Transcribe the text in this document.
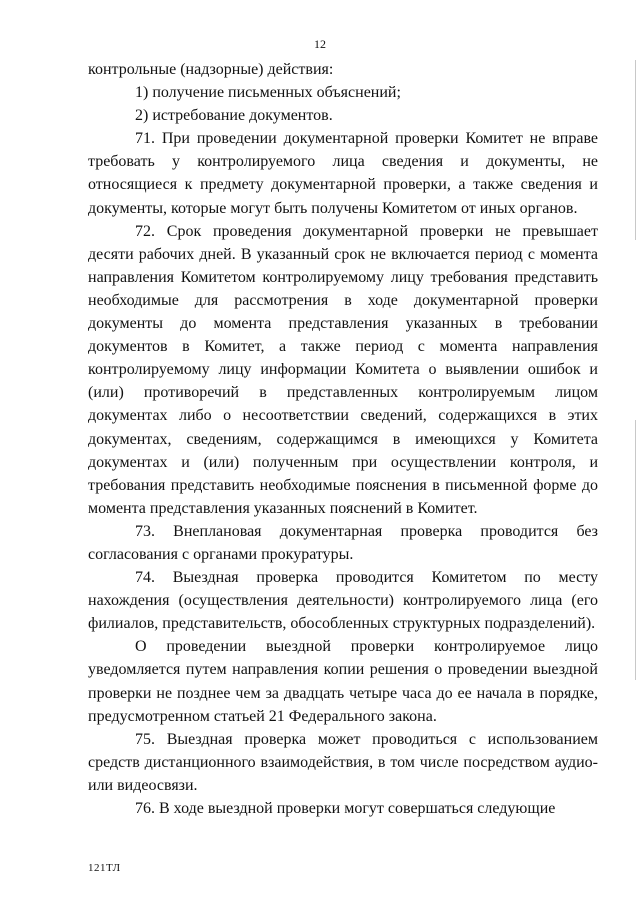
12

контрольные (надзорные) действия:

1) получение письменных объяснений;

2) истребование документов.

71. При проведении документарной проверки Комитет не вправе требовать у контролируемого лица сведения и документы, не относящиеся к предмету документарной проверки, а также сведения и документы, которые могут быть получены Комитетом от иных органов.

72. Срок проведения документарной проверки не превышает десяти рабочих дней. В указанный срок не включается период с момента направления Комитетом контролируемому лицу требования представить необходимые для рассмотрения в ходе документарной проверки документы до момента представления указанных в требовании документов в Комитет, а также период с момента направления контролируемому лицу информации Комитета о выявлении ошибок и (или) противоречий в представленных контролируемым лицом документах либо о несоответствии сведений, содержащихся в этих документах, сведениям, содержащимся в имеющихся у Комитета документах и (или) полученным при осуществлении контроля, и требования представить необходимые пояснения в письменной форме до момента представления указанных пояснений в Комитет.

73. Внеплановая документарная проверка проводится без согласования с органами прокуратуры.

74. Выездная проверка проводится Комитетом по месту нахождения (осуществления деятельности) контролируемого лица (его филиалов, представительств, обособленных структурных подразделений).

О проведении выездной проверки контролируемое лицо уведомляется путем направления копии решения о проведении выездной проверки не позднее чем за двадцать четыре часа до ее начала в порядке, предусмотренном статьей 21 Федерального закона.

75. Выездная проверка может проводиться с использованием средств дистанционного взаимодействия, в том числе посредством аудио- или видеосвязи.

76. В ходе выездной проверки могут совершаться следующие

121ТЛ
